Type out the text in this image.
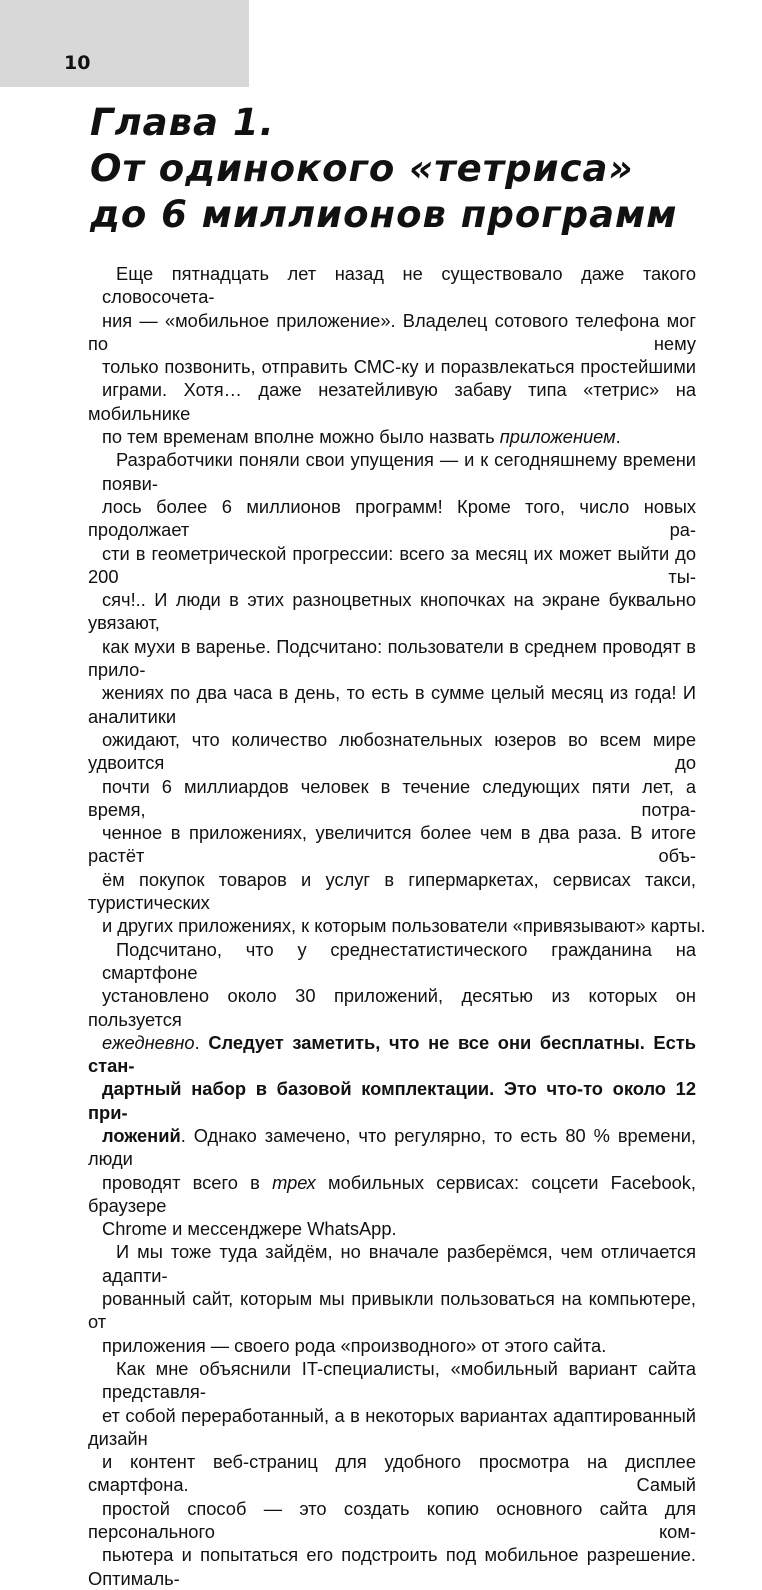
10
Глава 1.
От одинокого «тетриса»
до 6 миллионов программ

Еще пятнадцать лет назад не существовало даже такого словосочета-
ния — «мобильное приложение». Владелец сотового телефона мог по нему
только позвонить, отправить СМС-ку и поразвлекаться простейшими
играми. Хотя… даже незатейливую забаву типа «тетрис» на мобильнике
по тем временам вполне можно было назвать приложением.

Разработчики поняли свои упущения — и к сегодняшнему времени появи-
лось более 6 миллионов программ! Кроме того, число новых продолжает ра-
сти в геометрической прогрессии: всего за месяц их может выйти до 200 ты-
сяч!.. И люди в этих разноцветных кнопочках на экране буквально увязают,
как мухи в варенье. Подсчитано: пользователи в среднем проводят в прило-
жениях по два часа в день, то есть в сумме целый месяц из года! И аналитики
ожидают, что количество любознательных юзеров во всем мире удвоится до
почти 6 миллиардов человек в течение следующих пяти лет, а время, потра-
ченное в приложениях, увеличится более чем в два раза. В итоге растёт объ-
ём покупок товаров и услуг в гипермаркетах, сервисах такси, туристических
и других приложениях, к которым пользователи «привязывают» карты.

Подсчитано, что у среднестатистического гражданина на смартфоне
установлено около 30 приложений, десятью из которых он пользуется
ежедневно. Следует заметить, что не все они бесплатны. Есть стан-
дартный набор в базовой комплектации. Это что-то около 12 при-
ложений. Однако замечено, что регулярно, то есть 80 % времени, люди
проводят всего в трех мобильных сервисах: соцсети Facebook, браузере
Chrome и мессенджере WhatsApp.

И мы тоже туда зайдём, но вначале разберёмся, чем отличается адапти-
рованный сайт, которым мы привыкли пользоваться на компьютере, от
приложения — своего рода «производного» от этого сайта.

Как мне объяснили IT-специалисты, «мобильный вариант сайта представля-
ет собой переработанный, а в некоторых вариантах адаптированный дизайн
и контент веб-страниц для удобного просмотра на дисплее смартфона. Самый
простой способ — это создать копию основного сайта для персонального ком-
пьютера и попытаться его подстроить под мобильное разрешение. Оптималь-
